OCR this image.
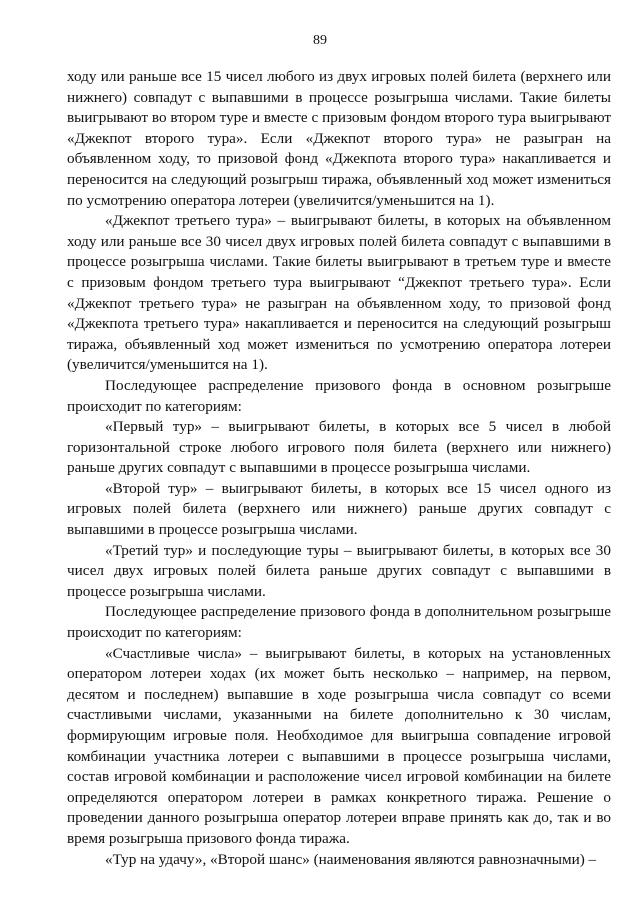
89

ходу или раньше все 15 чисел любого из двух игровых полей билета (верхнего или нижнего) совпадут с выпавшими в процессе розыгрыша числами. Такие билеты выигрывают во втором туре и вместе с призовым фондом второго тура выигрывают «Джекпот второго тура». Если «Джекпот второго тура» не разыгран на объявленном ходу, то призовой фонд «Джекпота второго тура» накапливается и переносится на следующий розыгрыш тиража, объявленный ход может измениться по усмотрению оператора лотереи (увеличится/уменьшится на 1).

«Джекпот третьего тура» – выигрывают билеты, в которых на объявленном ходу или раньше все 30 чисел двух игровых полей билета совпадут с выпавшими в процессе розыгрыша числами. Такие билеты выигрывают в третьем туре и вместе с призовым фондом третьего тура выигрывают “Джекпот третьего тура». Если «Джекпот третьего тура» не разыгран на объявленном ходу, то призовой фонд «Джекпота третьего тура» накапливается и переносится на следующий розыгрыш тиража, объявленный ход может измениться по усмотрению оператора лотереи (увеличится/уменьшится на 1).

Последующее распределение призового фонда в основном розыгрыше происходит по категориям:

«Первый тур» – выигрывают билеты, в которых все 5 чисел в любой горизонтальной строке любого игрового поля билета (верхнего или нижнего) раньше других совпадут с выпавшими в процессе розыгрыша числами.

«Второй тур» – выигрывают билеты, в которых все 15 чисел одного из игровых полей билета (верхнего или нижнего) раньше других совпадут с выпавшими в процессе розыгрыша числами.

«Третий тур» и последующие туры – выигрывают билеты, в которых все 30 чисел двух игровых полей билета раньше других совпадут с выпавшими в процессе розыгрыша числами.

Последующее распределение призового фонда в дополнительном розыгрыше происходит по категориям:

«Счастливые числа» – выигрывают билеты, в которых на установленных оператором лотереи ходах (их может быть несколько – например, на первом, десятом и последнем) выпавшие в ходе розыгрыша числа совпадут со всеми счастливыми числами, указанными на билете дополнительно к 30 числам, формирующим игровые поля. Необходимое для выигрыша совпадение игровой комбинации участника лотереи с выпавшими в процессе розыгрыша числами, состав игровой комбинации и расположение чисел игровой комбинации на билете определяются оператором лотереи в рамках конкретного тиража. Решение о проведении данного розыгрыша оператор лотереи вправе принять как до, так и во время розыгрыша призового фонда тиража.

«Тур на удачу», «Второй шанс» (наименования являются равнозначными) –
